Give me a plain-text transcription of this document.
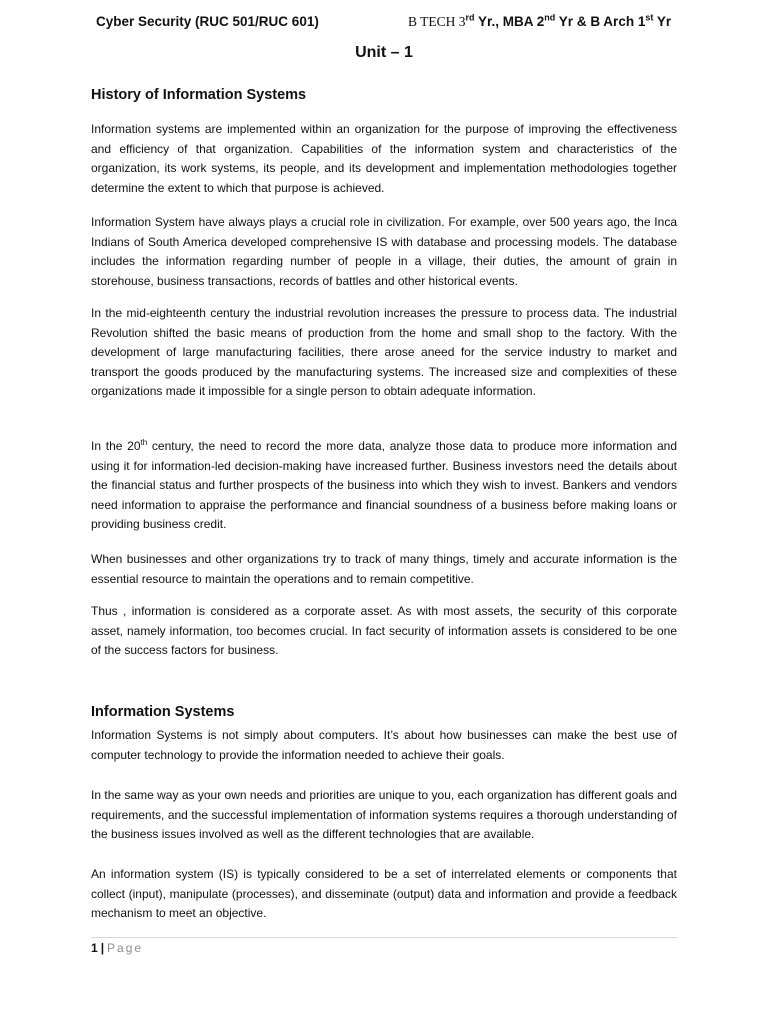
Cyber Security (RUC 501/RUC 601)	B TECH 3rd Yr., MBA 2nd Yr & B Arch 1st Yr
Unit – 1
History of Information Systems

Information systems are implemented within an organization for the purpose of improving the effectiveness and efficiency of that organization. Capabilities of the information system and characteristics of the organization, its work systems, its people, and its development and implementation methodologies together determine the extent to which that purpose is achieved.

Information System have always plays a crucial role in civilization. For example, over 500 years ago, the Inca Indians of South America developed comprehensive IS with database and processing models. The database includes the information regarding number of people in a village, their duties, the amount of grain in storehouse, business transactions, records of battles and other historical events.

In the mid-eighteenth century the industrial revolution increases the pressure to process data. The industrial Revolution shifted the basic means of production from the home and small shop to the factory. With the development of large manufacturing facilities, there arose aneed for the service industry to market and transport the goods produced by the manufacturing systems. The increased size and complexities of these organizations made it impossible for a single person to obtain adequate information.

In the 20th century, the need to record the more data, analyze those data to produce more information and using it for information-led decision-making have increased further. Business investors need the details about the financial status and further prospects of the business into which they wish to invest. Bankers and vendors need information to appraise the performance and financial soundness of a business before making loans or providing business credit.

When businesses and other organizations try to track of many things, timely and accurate information is the essential resource to maintain the operations and to remain competitive.

Thus , information is considered as a corporate asset. As with most assets, the security of this corporate asset, namely information, too becomes crucial. In fact security of information assets is considered to be one of the success factors for business.

Information Systems

Information Systems is not simply about computers. It’s about how businesses can make the best use of computer technology to provide the information needed to achieve their goals.

In the same way as your own needs and priorities are unique to you, each organization has different goals and requirements, and the successful implementation of information systems requires a thorough understanding of the business issues involved as well as the different technologies that are available.

An information system (IS) is typically considered to be a set of interrelated elements or components that collect (input), manipulate (processes), and disseminate (output) data and information and provide a feedback mechanism to meet an objective.

1 | Page
